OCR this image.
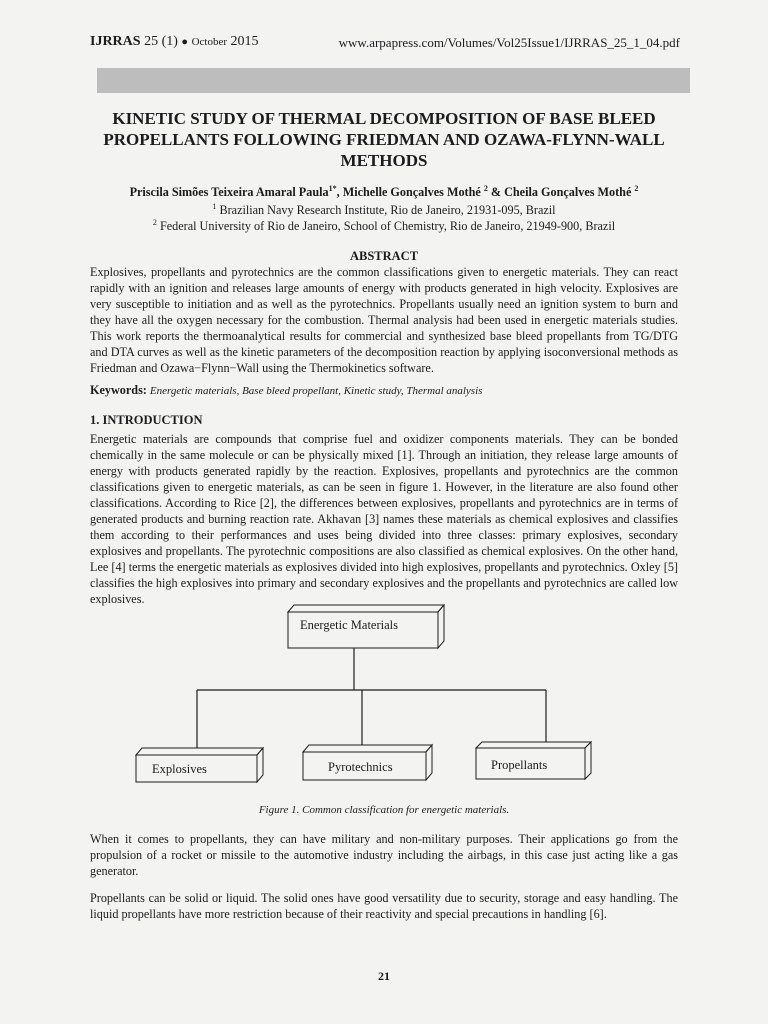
IJRRAS 25 (1) ● October 2015	www.arpapress.com/Volumes/Vol25Issue1/IJRRAS_25_1_04.pdf
KINETIC STUDY OF THERMAL DECOMPOSITION OF BASE BLEED PROPELLANTS FOLLOWING FRIEDMAN AND OZAWA-FLYNN-WALL METHODS
Priscila Simões Teixeira Amaral Paula$^{1*}$, Michelle Gonçalves Mothé $^2$ & Cheila Gonçalves Mothé $^2$
$^1$ Brazilian Navy Research Institute, Rio de Janeiro, 21931-095, Brazil
$^2$ Federal University of Rio de Janeiro, School of Chemistry, Rio de Janeiro, 21949-900, Brazil
ABSTRACT
Explosives, propellants and pyrotechnics are the common classifications given to energetic materials. They can react rapidly with an ignition and releases large amounts of energy with products generated in high velocity. Explosives are very susceptible to initiation and as well as the pyrotechnics. Propellants usually need an ignition system to burn and they have all the oxygen necessary for the combustion. Thermal analysis had been used in energetic materials studies. This work reports the thermoanalytical results for commercial and synthesized base bleed propellants from TG/DTG and DTA curves as well as the kinetic parameters of the decomposition reaction by applying isoconversional methods as Friedman and Ozawa−Flynn−Wall using the Thermokinetics software.
Keywords: Energetic materials, Base bleed propellant, Kinetic study, Thermal analysis
1. INTRODUCTION
Energetic materials are compounds that comprise fuel and oxidizer components materials. They can be bonded chemically in the same molecule or can be physically mixed [1]. Through an initiation, they release large amounts of energy with products generated rapidly by the reaction. Explosives, propellants and pyrotechnics are the common classifications given to energetic materials, as can be seen in figure 1. However, in the literature are also found other classifications. According to Rice [2], the differences between explosives, propellants and pyrotechnics are in terms of generated products and burning reaction rate. Akhavan [3] names these materials as chemical explosives and classifies them according to their performances and uses being divided into three classes: primary explosives, secondary explosives and propellants. The pyrotechnic compositions are also classified as chemical explosives. On the other hand, Lee [4] terms the energetic materials as explosives divided into high explosives, propellants and pyrotechnics. Oxley [5] classifies the high explosives into primary and secondary explosives and the propellants and pyrotechnics are called low explosives.
Energetic Materials
Explosives	Pyrotechnics	Propellants
Figure 1. Common classification for energetic materials.
When it comes to propellants, they can have military and non-military purposes. Their applications go from the propulsion of a rocket or missile to the automotive industry including the airbags, in this case just acting like a gas generator.
Propellants can be solid or liquid. The solid ones have good versatility due to security, storage and easy handling. The liquid propellants have more restriction because of their reactivity and special precautions in handling [6].
21
